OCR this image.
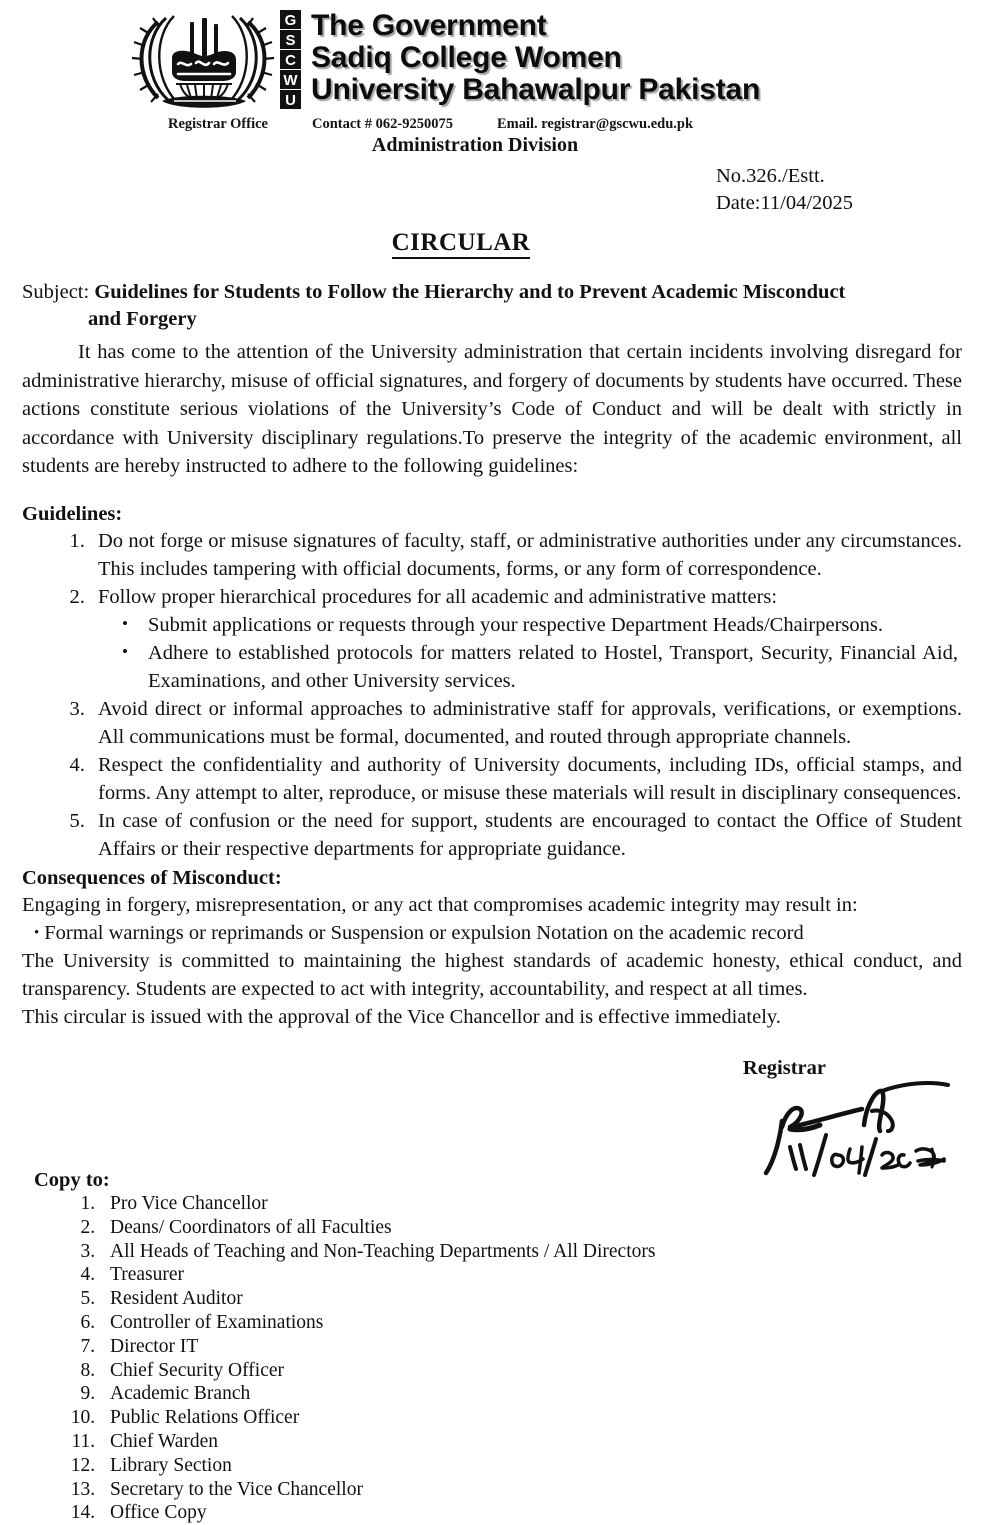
G
S
C
W
U
The Government
Sadiq College Women
University Bahawalpur Pakistan
Registrar Office	Contact # 062-9250075	Email. registrar@gscwu.edu.pk
Administration Division
No.326./Estt.
Date:11/04/2025
CIRCULAR
Subject: Guidelines for Students to Follow the Hierarchy and to Prevent Academic Misconduct
and Forgery

It has come to the attention of the University administration that certain incidents involving disregard for administrative hierarchy, misuse of official signatures, and forgery of documents by students have occurred. These actions constitute serious violations of the University’s Code of Conduct and will be dealt with strictly in accordance with University disciplinary regulations.To preserve the integrity of the academic environment, all students are hereby instructed to adhere to the following guidelines:

Guidelines:
1. Do not forge or misuse signatures of faculty, staff, or administrative authorities under any circumstances. This includes tampering with official documents, forms, or any form of correspondence.
2. Follow proper hierarchical procedures for all academic and administrative matters:
• Submit applications or requests through your respective Department Heads/Chairpersons.
• Adhere to established protocols for matters related to Hostel, Transport, Security, Financial Aid, Examinations, and other University services.
3. Avoid direct or informal approaches to administrative staff for approvals, verifications, or exemptions. All communications must be formal, documented, and routed through appropriate channels.
4. Respect the confidentiality and authority of University documents, including IDs, official stamps, and forms. Any attempt to alter, reproduce, or misuse these materials will result in disciplinary consequences.
5. In case of confusion or the need for support, students are encouraged to contact the Office of Student Affairs or their respective departments for appropriate guidance.
Consequences of Misconduct:
Engaging in forgery, misrepresentation, or any act that compromises academic integrity may result in:
• Formal warnings or reprimands or Suspension or expulsion Notation on the academic record
The University is committed to maintaining the highest standards of academic honesty, ethical conduct, and transparency. Students are expected to act with integrity, accountability, and respect at all times.
This circular is issued with the approval of the Vice Chancellor and is effective immediately.
Registrar
Copy to:
1. Pro Vice Chancellor
2. Deans/ Coordinators of all Faculties
3. All Heads of Teaching and Non-Teaching Departments / All Directors
4. Treasurer
5. Resident Auditor
6. Controller of Examinations
7. Director IT
8. Chief Security Officer
9. Academic Branch
10. Public Relations Officer
11. Chief Warden
12. Library Section
13. Secretary to the Vice Chancellor
14. Office Copy
